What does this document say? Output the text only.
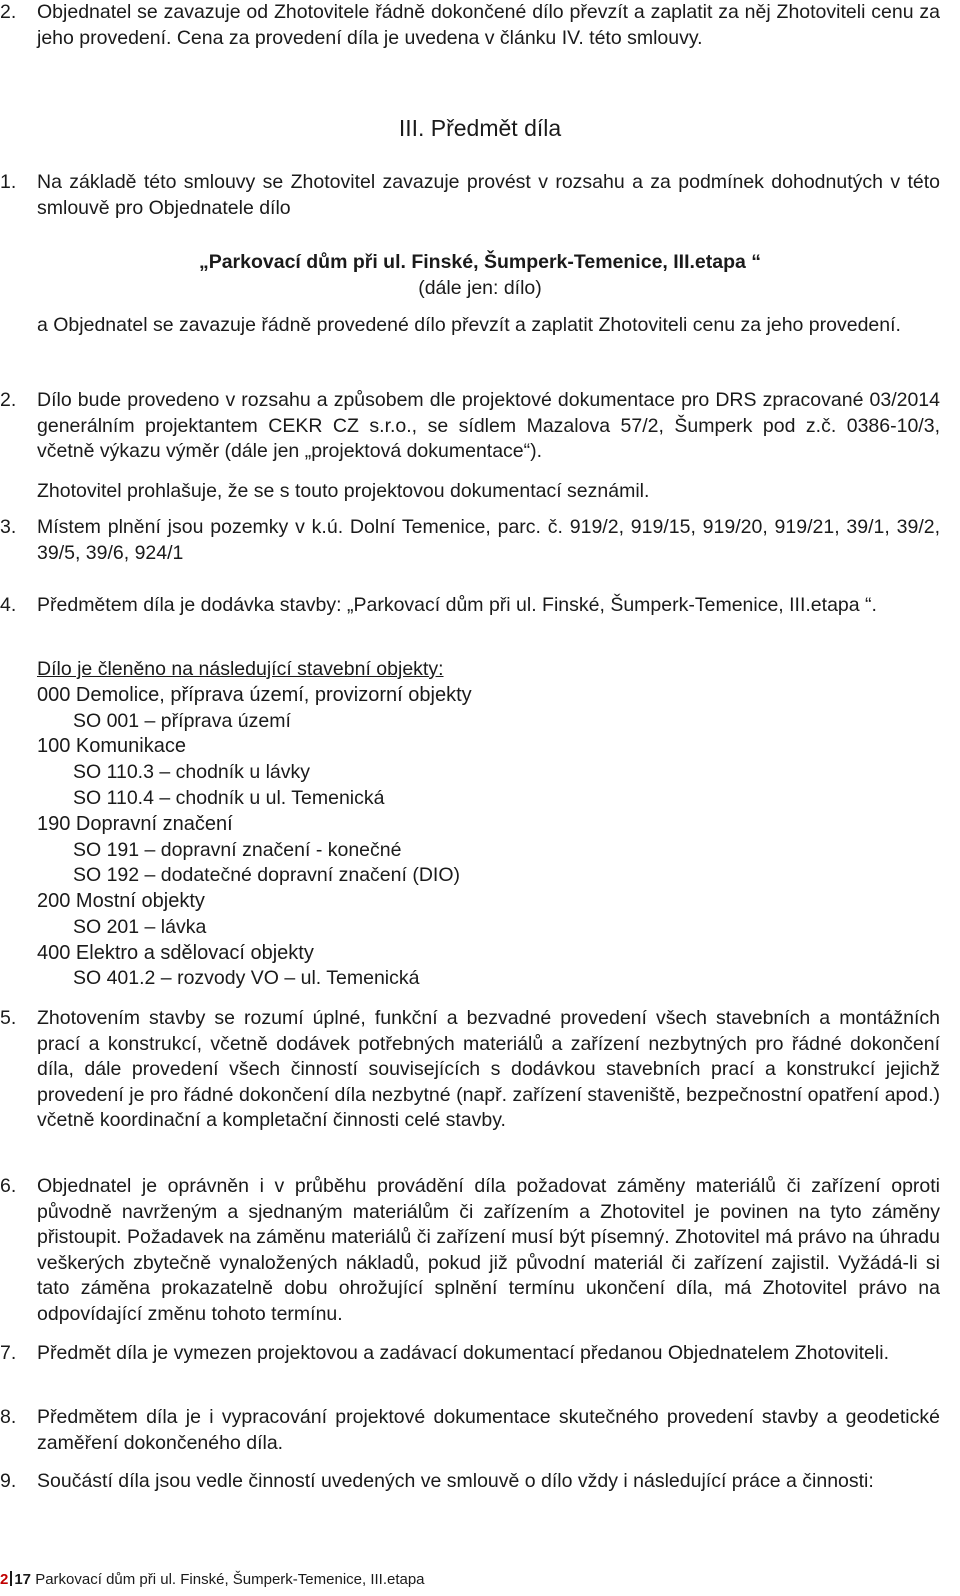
2. Objednatel se zavazuje od Zhotovitele řádně dokončené dílo převzít a zaplatit za něj Zhotoviteli cenu za jeho provedení. Cena za provedení díla je uvedena v článku IV. této smlouvy.
III. Předmět díla
1. Na základě této smlouvy se Zhotovitel zavazuje provést v rozsahu a za podmínek dohodnutých v této smlouvě pro Objednatele dílo
„Parkovací dům při ul. Finské, Šumperk-Temenice, III.etapa “
(dále jen: dílo)
a Objednatel se zavazuje řádně provedené dílo převzít a zaplatit Zhotoviteli cenu za jeho provedení.
2. Dílo bude provedeno v rozsahu a způsobem dle projektové dokumentace pro DRS zpracované 03/2014 generálním projektantem CEKR CZ s.r.o., se sídlem Mazalova 57/2, Šumperk pod z.č. 0386-10/3, včetně výkazu výměr (dále jen „projektová dokumentace“).
Zhotovitel prohlašuje, že se s touto projektovou dokumentací seznámil.
3. Místem plnění jsou pozemky v k.ú. Dolní Temenice, parc. č. 919/2, 919/15, 919/20, 919/21, 39/1, 39/2, 39/5, 39/6, 924/1
4. Předmětem díla je dodávka stavby: „Parkovací dům při ul. Finské, Šumperk-Temenice, III.etapa “.
Dílo je členěno na následující stavební objekty:
000 Demolice, příprava území, provizorní objekty
SO 001 – příprava území
100 Komunikace
SO 110.3 – chodník u lávky
SO 110.4 – chodník u ul. Temenická
190 Dopravní značení
SO 191 – dopravní značení - konečné
SO 192 – dodatečné dopravní značení (DIO)
200 Mostní objekty
SO 201 – lávka
400 Elektro a sdělovací objekty
SO 401.2 – rozvody VO – ul. Temenická
5. Zhotovením stavby se rozumí úplné, funkční a bezvadné provedení všech stavebních a montážních prací a konstrukcí, včetně dodávek potřebných materiálů a zařízení nezbytných pro řádné dokončení díla, dále provedení všech činností souvisejících s dodávkou stavebních prací a konstrukcí jejichž provedení je pro řádné dokončení díla nezbytné (např. zařízení staveniště, bezpečnostní opatření apod.) včetně koordinační a kompletační činnosti celé stavby.
6. Objednatel je oprávněn i v průběhu provádění díla požadovat záměny materiálů či zařízení oproti původně navrženým a sjednaným materiálům či zařízením a Zhotovitel je povinen na tyto záměny přistoupit. Požadavek na záměnu materiálů či zařízení musí být písemný. Zhotovitel má právo na úhradu veškerých zbytečně vynaložených nákladů, pokud již původní materiál či zařízení zajistil. Vyžádá-li si tato záměna prokazatelně dobu ohrožující splnění termínu ukončení díla, má Zhotovitel právo na odpovídající změnu tohoto termínu.
7. Předmět díla je vymezen projektovou a zadávací dokumentací předanou Objednatelem Zhotoviteli.
8. Předmětem díla je i vypracování projektové dokumentace skutečného provedení stavby a geodetické zaměření dokončeného díla.
9. Součástí díla jsou vedle činností uvedených ve smlouvě o dílo vždy i následující práce a činnosti:
2 17 Parkovací dům při ul. Finské, Šumperk-Temenice, III.etapa
